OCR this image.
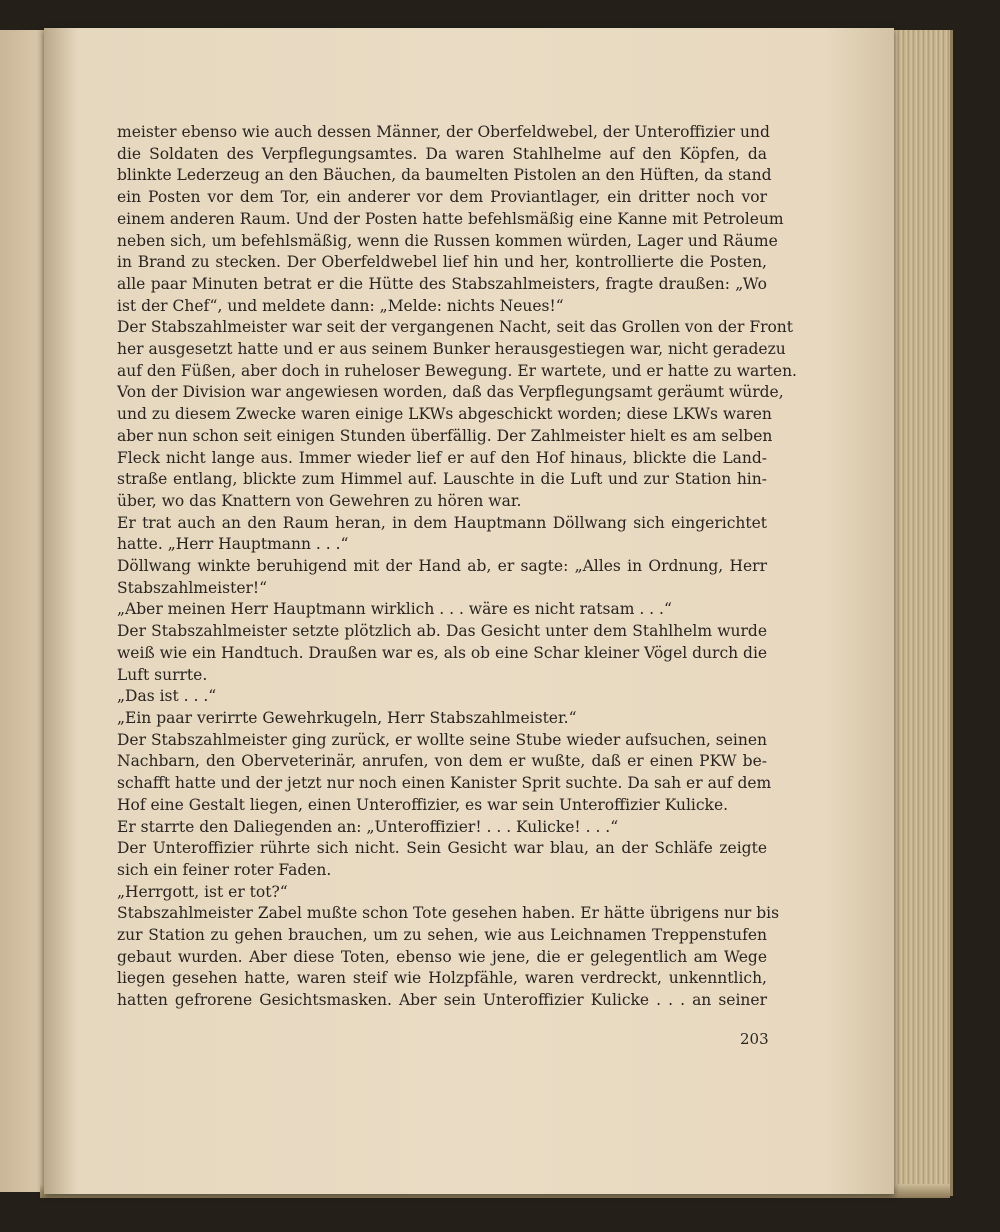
meister ebenso wie auch dessen Männer, der Oberfeldwebel, der Unteroffizier und
die Soldaten des Verpflegungsamtes. Da waren Stahlhelme auf den Köpfen, da
blinkte Lederzeug an den Bäuchen, da baumelten Pistolen an den Hüften, da stand
ein Posten vor dem Tor, ein anderer vor dem Proviantlager, ein dritter noch vor
einem anderen Raum. Und der Posten hatte befehlsmäßig eine Kanne mit Petroleum
neben sich, um befehlsmäßig, wenn die Russen kommen würden, Lager und Räume
in Brand zu stecken. Der Oberfeldwebel lief hin und her, kontrollierte die Posten,
alle paar Minuten betrat er die Hütte des Stabszahlmeisters, fragte draußen: „Wo
ist der Chef“, und meldete dann: „Melde: nichts Neues!“
Der Stabszahlmeister war seit der vergangenen Nacht, seit das Grollen von der Front
her ausgesetzt hatte und er aus seinem Bunker herausgestiegen war, nicht geradezu
auf den Füßen, aber doch in ruheloser Bewegung. Er wartete, und er hatte zu warten.
Von der Division war angewiesen worden, daß das Verpflegungsamt geräumt würde,
und zu diesem Zwecke waren einige LKWs abgeschickt worden; diese LKWs waren
aber nun schon seit einigen Stunden überfällig. Der Zahlmeister hielt es am selben
Fleck nicht lange aus. Immer wieder lief er auf den Hof hinaus, blickte die Land-
straße entlang, blickte zum Himmel auf. Lauschte in die Luft und zur Station hin-
über, wo das Knattern von Gewehren zu hören war.
Er trat auch an den Raum heran, in dem Hauptmann Döllwang sich eingerichtet
hatte. „Herr Hauptmann . . .“
Döllwang winkte beruhigend mit der Hand ab, er sagte: „Alles in Ordnung, Herr
Stabszahlmeister!“
„Aber meinen Herr Hauptmann wirklich . . . wäre es nicht ratsam . . .“
Der Stabszahlmeister setzte plötzlich ab. Das Gesicht unter dem Stahlhelm wurde
weiß wie ein Handtuch. Draußen war es, als ob eine Schar kleiner Vögel durch die
Luft surrte.
„Das ist . . .“
„Ein paar verirrte Gewehrkugeln, Herr Stabszahlmeister.“
Der Stabszahlmeister ging zurück, er wollte seine Stube wieder aufsuchen, seinen
Nachbarn, den Oberveterinär, anrufen, von dem er wußte, daß er einen PKW be-
schafft hatte und der jetzt nur noch einen Kanister Sprit suchte. Da sah er auf dem
Hof eine Gestalt liegen, einen Unteroffizier, es war sein Unteroffizier Kulicke.
Er starrte den Daliegenden an: „Unteroffizier! . . . Kulicke! . . .“
Der Unteroffizier rührte sich nicht. Sein Gesicht war blau, an der Schläfe zeigte
sich ein feiner roter Faden.
„Herrgott, ist er tot?“
Stabszahlmeister Zabel mußte schon Tote gesehen haben. Er hätte übrigens nur bis
zur Station zu gehen brauchen, um zu sehen, wie aus Leichnamen Treppenstufen
gebaut wurden. Aber diese Toten, ebenso wie jene, die er gelegentlich am Wege
liegen gesehen hatte, waren steif wie Holzpfähle, waren verdreckt, unkenntlich,
hatten gefrorene Gesichtsmasken. Aber sein Unteroffizier Kulicke . . . an seiner
203
